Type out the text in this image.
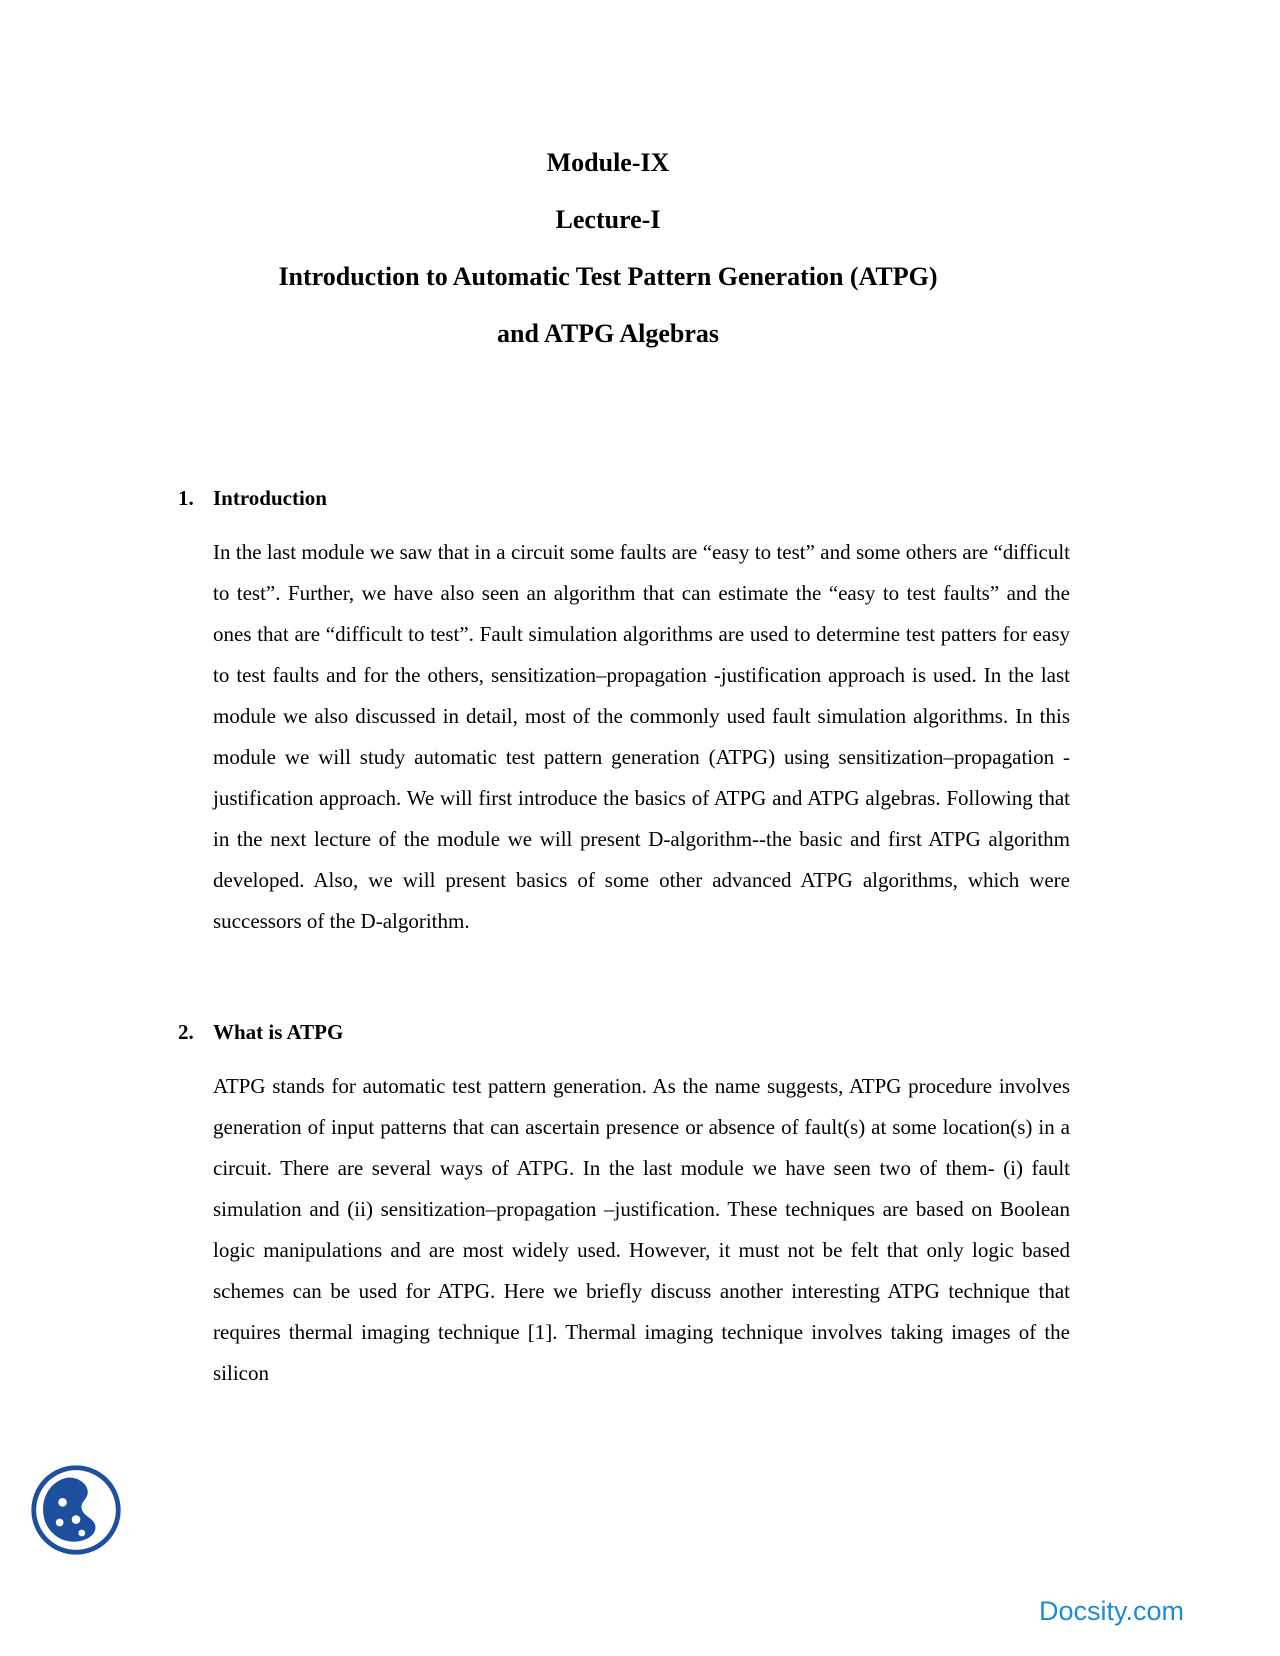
Module-IX
Lecture-I
Introduction to Automatic Test Pattern Generation (ATPG)
and ATPG Algebras
1. Introduction

In the last module we saw that in a circuit some faults are “easy to test” and some others are “difficult to test”. Further, we have also seen an algorithm that can estimate the “easy to test faults” and the ones that are “difficult to test”. Fault simulation algorithms are used to determine test patters for easy to test faults and for the others, sensitization–propagation -justification approach is used. In the last module we also discussed in detail, most of the commonly used fault simulation algorithms. In this module we will study automatic test pattern generation (ATPG) using sensitization–propagation -justification approach. We will first introduce the basics of ATPG and ATPG algebras. Following that in the next lecture of the module we will present D-algorithm--the basic and first ATPG algorithm developed. Also, we will present basics of some other advanced ATPG algorithms, which were successors of the D-algorithm.

2. What is ATPG

ATPG stands for automatic test pattern generation. As the name suggests, ATPG procedure involves generation of input patterns that can ascertain presence or absence of fault(s) at some location(s) in a circuit. There are several ways of ATPG. In the last module we have seen two of them- (i) fault simulation and (ii) sensitization–propagation –justification. These techniques are based on Boolean logic manipulations and are most widely used. However, it must not be felt that only logic based schemes can be used for ATPG. Here we briefly discuss another interesting ATPG technique that requires thermal imaging technique [1]. Thermal imaging technique involves taking images of the silicon

Docsity.com
